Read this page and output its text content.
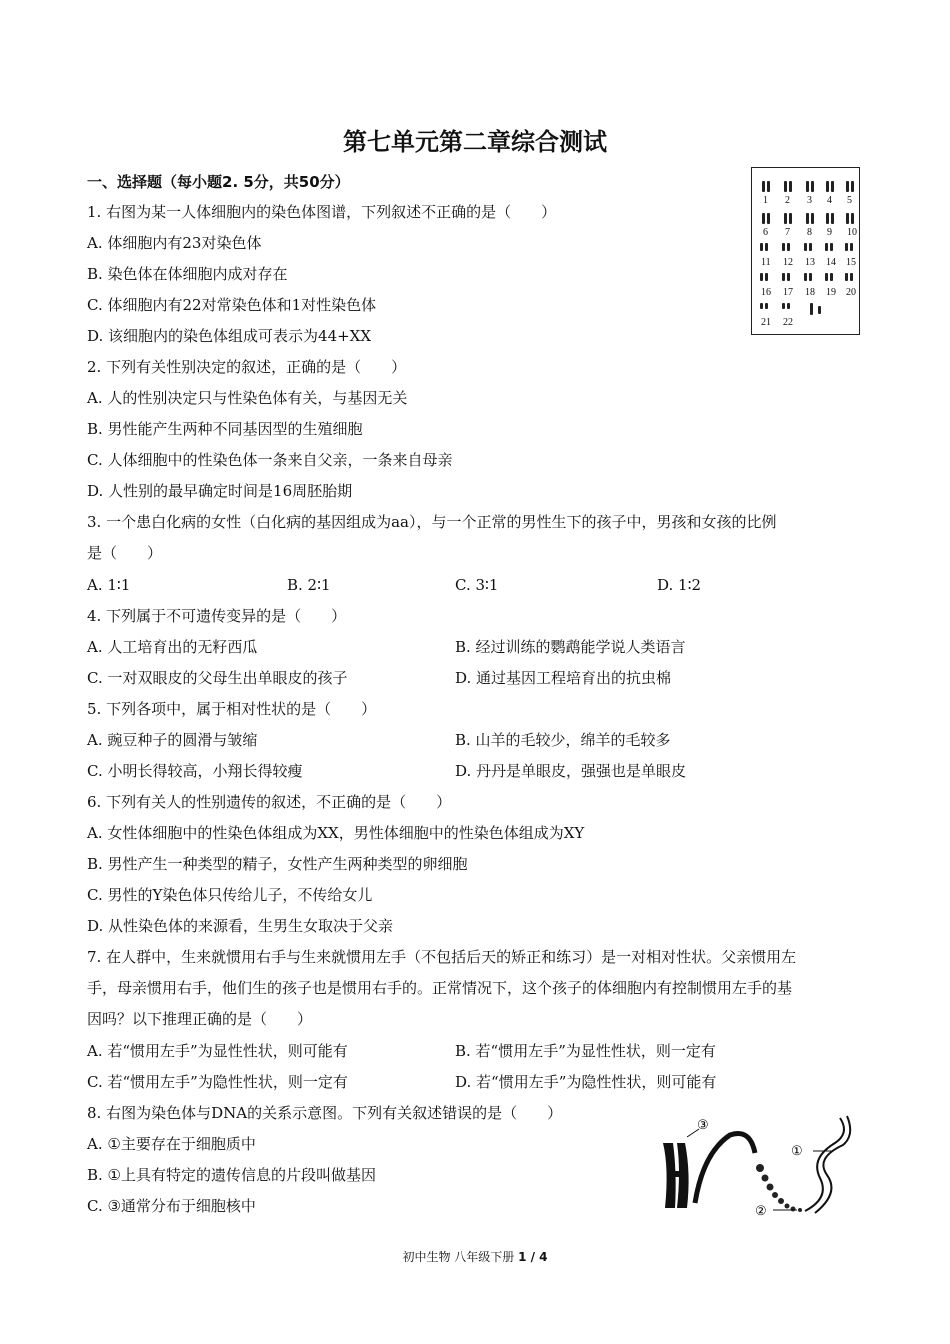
第七单元第二章综合测试
一、选择题（每小题2. 5分，共50分）
1 2 3 4 5
6 7 8 9 10
11 12 13 14 15
16 17 18 19 20
21 22
1. 右图为某一人体细胞内的染色体图谱，下列叙述不正确的是（　　）
A. 体细胞内有23对染色体
B. 染色体在体细胞内成对存在
C. 体细胞内有22对常染色体和1对性染色体
D. 该细胞内的染色体组成可表示为44+XX
2. 下列有关性别决定的叙述，正确的是（　　）
A. 人的性别决定只与性染色体有关，与基因无关
B. 男性能产生两种不同基因型的生殖细胞
C. 人体细胞中的性染色体一条来自父亲，一条来自母亲
D. 人性别的最早确定时间是16周胚胎期
3. 一个患白化病的女性（白化病的基因组成为aa），与一个正常的男性生下的孩子中，男孩和女孩的比例
是（　　）
A. 1∶1	B. 2∶1	C. 3∶1	D. 1∶2
4. 下列属于不可遗传变异的是（　　）
A. 人工培育出的无籽西瓜	B. 经过训练的鹦鹉能学说人类语言
C. 一对双眼皮的父母生出单眼皮的孩子	D. 通过基因工程培育出的抗虫棉
5. 下列各项中，属于相对性状的是（　　）
A. 豌豆种子的圆滑与皱缩	B. 山羊的毛较少，绵羊的毛较多
C. 小明长得较高，小翔长得较瘦	D. 丹丹是单眼皮，强强也是单眼皮
6. 下列有关人的性别遗传的叙述，不正确的是（　　）
A. 女性体细胞中的性染色体组成为XX，男性体细胞中的性染色体组成为XY
B. 男性产生一种类型的精子，女性产生两种类型的卵细胞
C. 男性的Y染色体只传给儿子，不传给女儿
D. 从性染色体的来源看，生男生女取决于父亲
7. 在人群中，生来就惯用右手与生来就惯用左手（不包括后天的矫正和练习）是一对相对性状。父亲惯用左
手，母亲惯用右手，他们生的孩子也是惯用右手的。正常情况下，这个孩子的体细胞内有控制惯用左手的基
因吗？以下推理正确的是（　　）
A. 若“惯用左手”为显性性状，则可能有	B. 若“惯用左手”为显性性状，则一定有
C. 若“惯用左手”为隐性性状，则一定有	D. 若“惯用左手”为隐性性状，则可能有
8. 右图为染色体与DNA的关系示意图。下列有关叙述错误的是（　　）
A. ①主要存在于细胞质中
B. ①上具有特定的遗传信息的片段叫做基因
C. ③通常分布于细胞核中
①
②
③
初中生物 八年级下册 1 / 4
